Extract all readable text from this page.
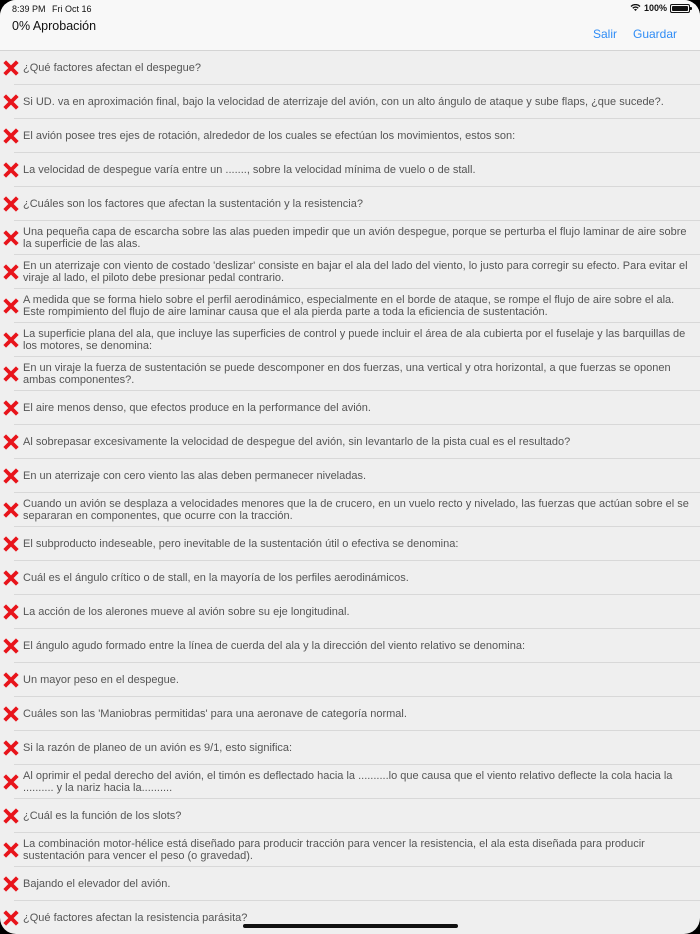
8:39 PM Fri Oct 16	100%
0% Aprobación
Salir Guardar
¿Qué factores afectan el despegue?
Si UD. va en aproximación final, bajo la velocidad de aterrizaje del avión, con un alto ángulo de ataque y sube flaps, ¿que sucede?.
El avión posee tres ejes de rotación, alrededor de los cuales se efectúan los movimientos, estos son:
La velocidad de despegue varía entre un ......., sobre la velocidad mínima de vuelo o de stall.
¿Cuáles son los factores que afectan la sustentación y la resistencia?
Una pequeña capa de escarcha sobre las alas pueden impedir que un avión despegue, porque se perturba el flujo laminar de aire sobre la superficie de las alas.
En un aterrizaje con viento de costado 'deslizar' consiste en bajar el ala del lado del viento, lo justo para corregir su efecto. Para evitar el viraje al lado, el piloto debe presionar pedal contrario.
A medida que se forma hielo sobre el perfil aerodinámico, especialmente en el borde de ataque, se rompe el flujo de aire sobre el ala. Este rompimiento del flujo de aire laminar causa que el ala pierda parte a toda la eficiencia de sustentación.
La superficie plana del ala, que incluye las superficies de control y puede incluir el área de ala cubierta por el fuselaje y las barquillas de los motores, se denomina:
En un viraje la fuerza de sustentación se puede descomponer en dos fuerzas, una vertical y otra horizontal, a que fuerzas se oponen ambas componentes?.
El aire menos denso, que efectos produce en la performance del avión.
Al sobrepasar excesivamente la velocidad de despegue del avión, sin levantarlo de la pista cual es el resultado?
En un aterrizaje con cero viento las alas deben permanecer niveladas.
Cuando un avión se desplaza a velocidades menores que la de crucero, en un vuelo recto y nivelado, las fuerzas que actúan sobre el se separaran en componentes, que ocurre con la tracción.
El subproducto indeseable, pero inevitable de la sustentación útil o efectiva se denomina:
Cuál es el ángulo crítico o de stall, en la mayoría de los perfiles aerodinámicos.
La acción de los alerones mueve al avión sobre su eje longitudinal.
El ángulo agudo formado entre la línea de cuerda del ala y la dirección del viento relativo se denomina:
Un mayor peso en el despegue.
Cuáles son las 'Maniobras permitidas' para una aeronave de categoría normal.
Si la razón de planeo de un avión es 9/1, esto significa:
Al oprimir el pedal derecho del avión, el timón es deflectado hacia la ..........lo que causa que el viento relativo deflecte la cola hacia la .......... y la nariz hacia la..........
¿Cuál es la función de los slots?
La combinación motor-hélice está diseñado para producir tracción para vencer la resistencia, el ala esta diseñada para producir sustentación para vencer el peso (o gravedad).
Bajando el elevador del avión.
¿Qué factores afectan la resistencia parásita?
